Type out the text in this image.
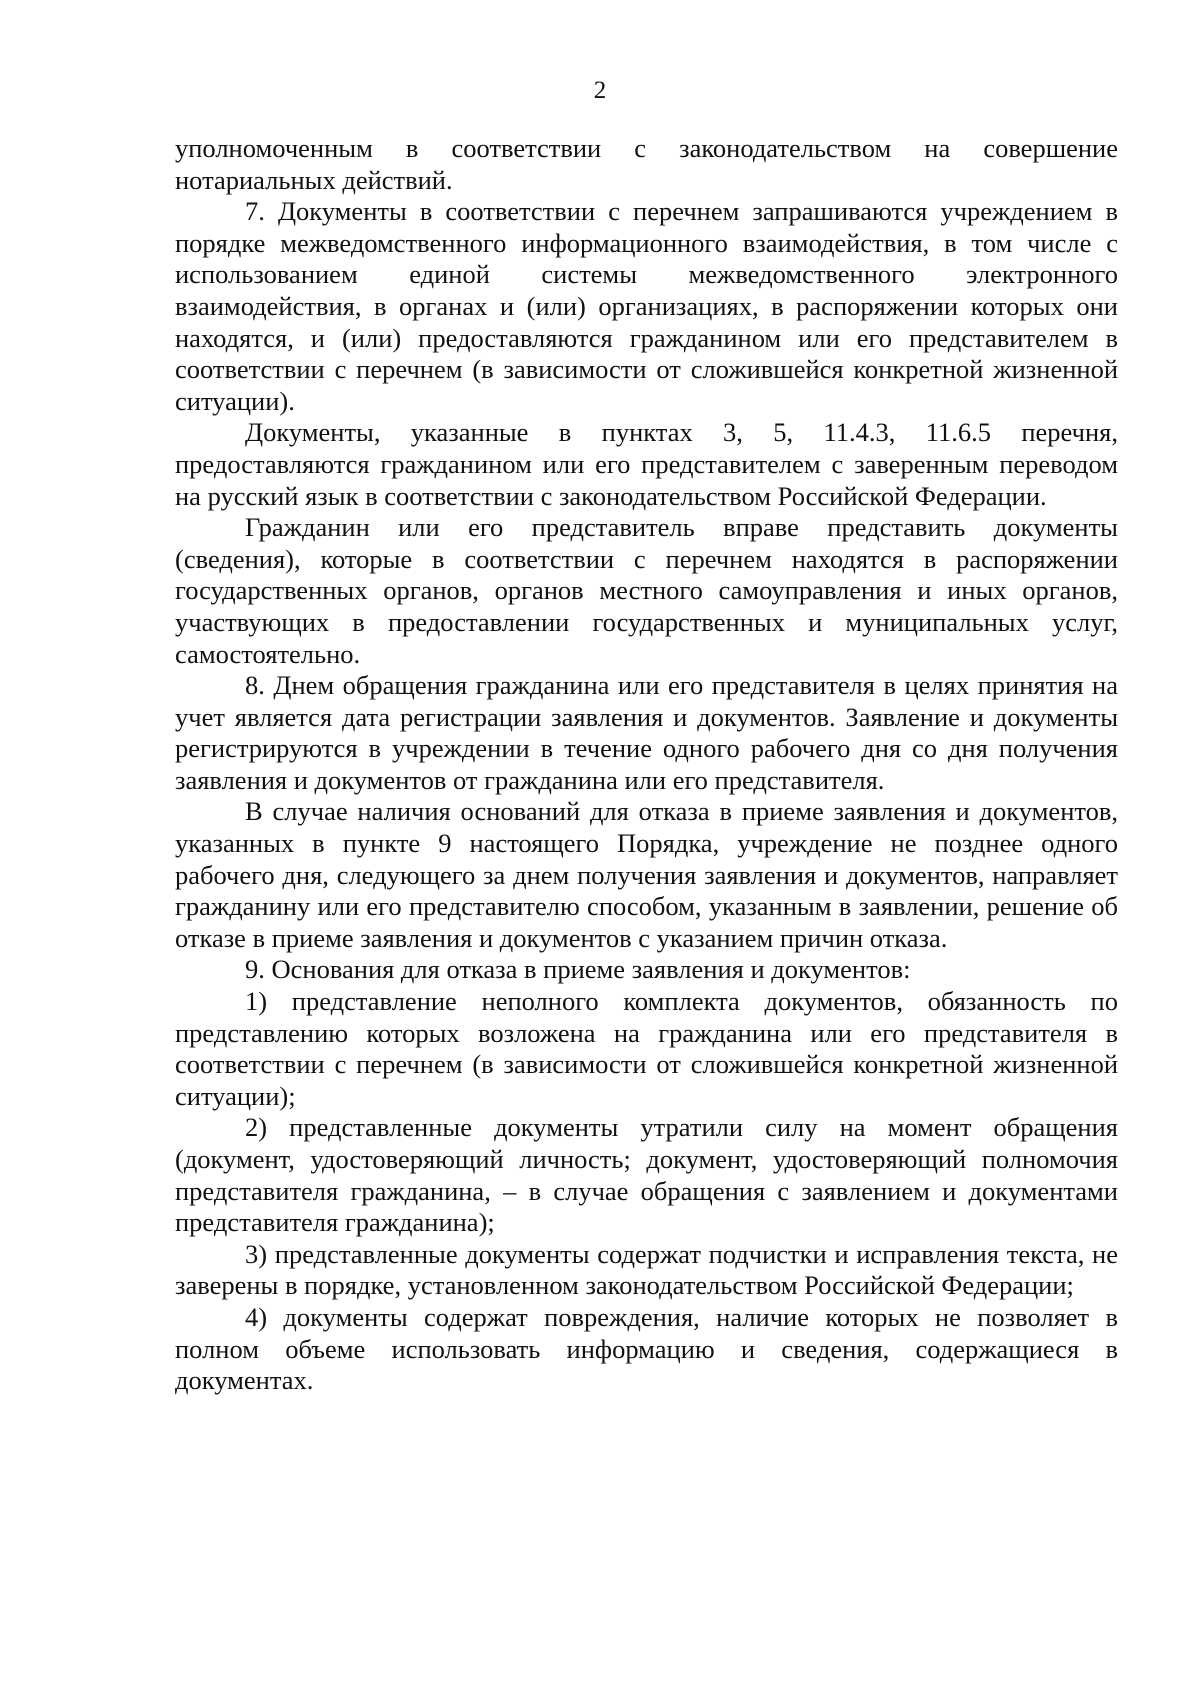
2

уполномоченным в соответствии с законодательством на совершение нотариальных действий.

7. Документы в соответствии с перечнем запрашиваются учреждением в порядке межведомственного информационного взаимодействия, в том числе с использованием единой системы межведомственного электронного взаимодействия, в органах и (или) организациях, в распоряжении которых они находятся, и (или) предоставляются гражданином или его представителем в соответствии с перечнем (в зависимости от сложившейся конкретной жизненной ситуации).

Документы, указанные в пунктах 3, 5, 11.4.3, 11.6.5 перечня, предоставляются гражданином или его представителем с заверенным переводом на русский язык в соответствии с законодательством Российской Федерации.

Гражданин или его представитель вправе представить документы (сведения), которые в соответствии с перечнем находятся в распоряжении государственных органов, органов местного самоуправления и иных органов, участвующих в предоставлении государственных и муниципальных услуг, самостоятельно.

8. Днем обращения гражданина или его представителя в целях принятия на учет является дата регистрации заявления и документов. Заявление и документы регистрируются в учреждении в течение одного рабочего дня со дня получения заявления и документов от гражданина или его представителя.

В случае наличия оснований для отказа в приеме заявления и документов, указанных в пункте 9 настоящего Порядка, учреждение не позднее одного рабочего дня, следующего за днем получения заявления и документов, направляет гражданину или его представителю способом, указанным в заявлении, решение об отказе в приеме заявления и документов с указанием причин отказа.

9. Основания для отказа в приеме заявления и документов:

1) представление неполного комплекта документов, обязанность по представлению которых возложена на гражданина или его представителя в соответствии с перечнем (в зависимости от сложившейся конкретной жизненной ситуации);

2) представленные документы утратили силу на момент обращения (документ, удостоверяющий личность; документ, удостоверяющий полномочия представителя гражданина, – в случае обращения с заявлением и документами представителя гражданина);

3) представленные документы содержат подчистки и исправления текста, не заверены в порядке, установленном законодательством Российской Федерации;

4) документы содержат повреждения, наличие которых не позволяет в полном объеме использовать информацию и сведения, содержащиеся в документах.
